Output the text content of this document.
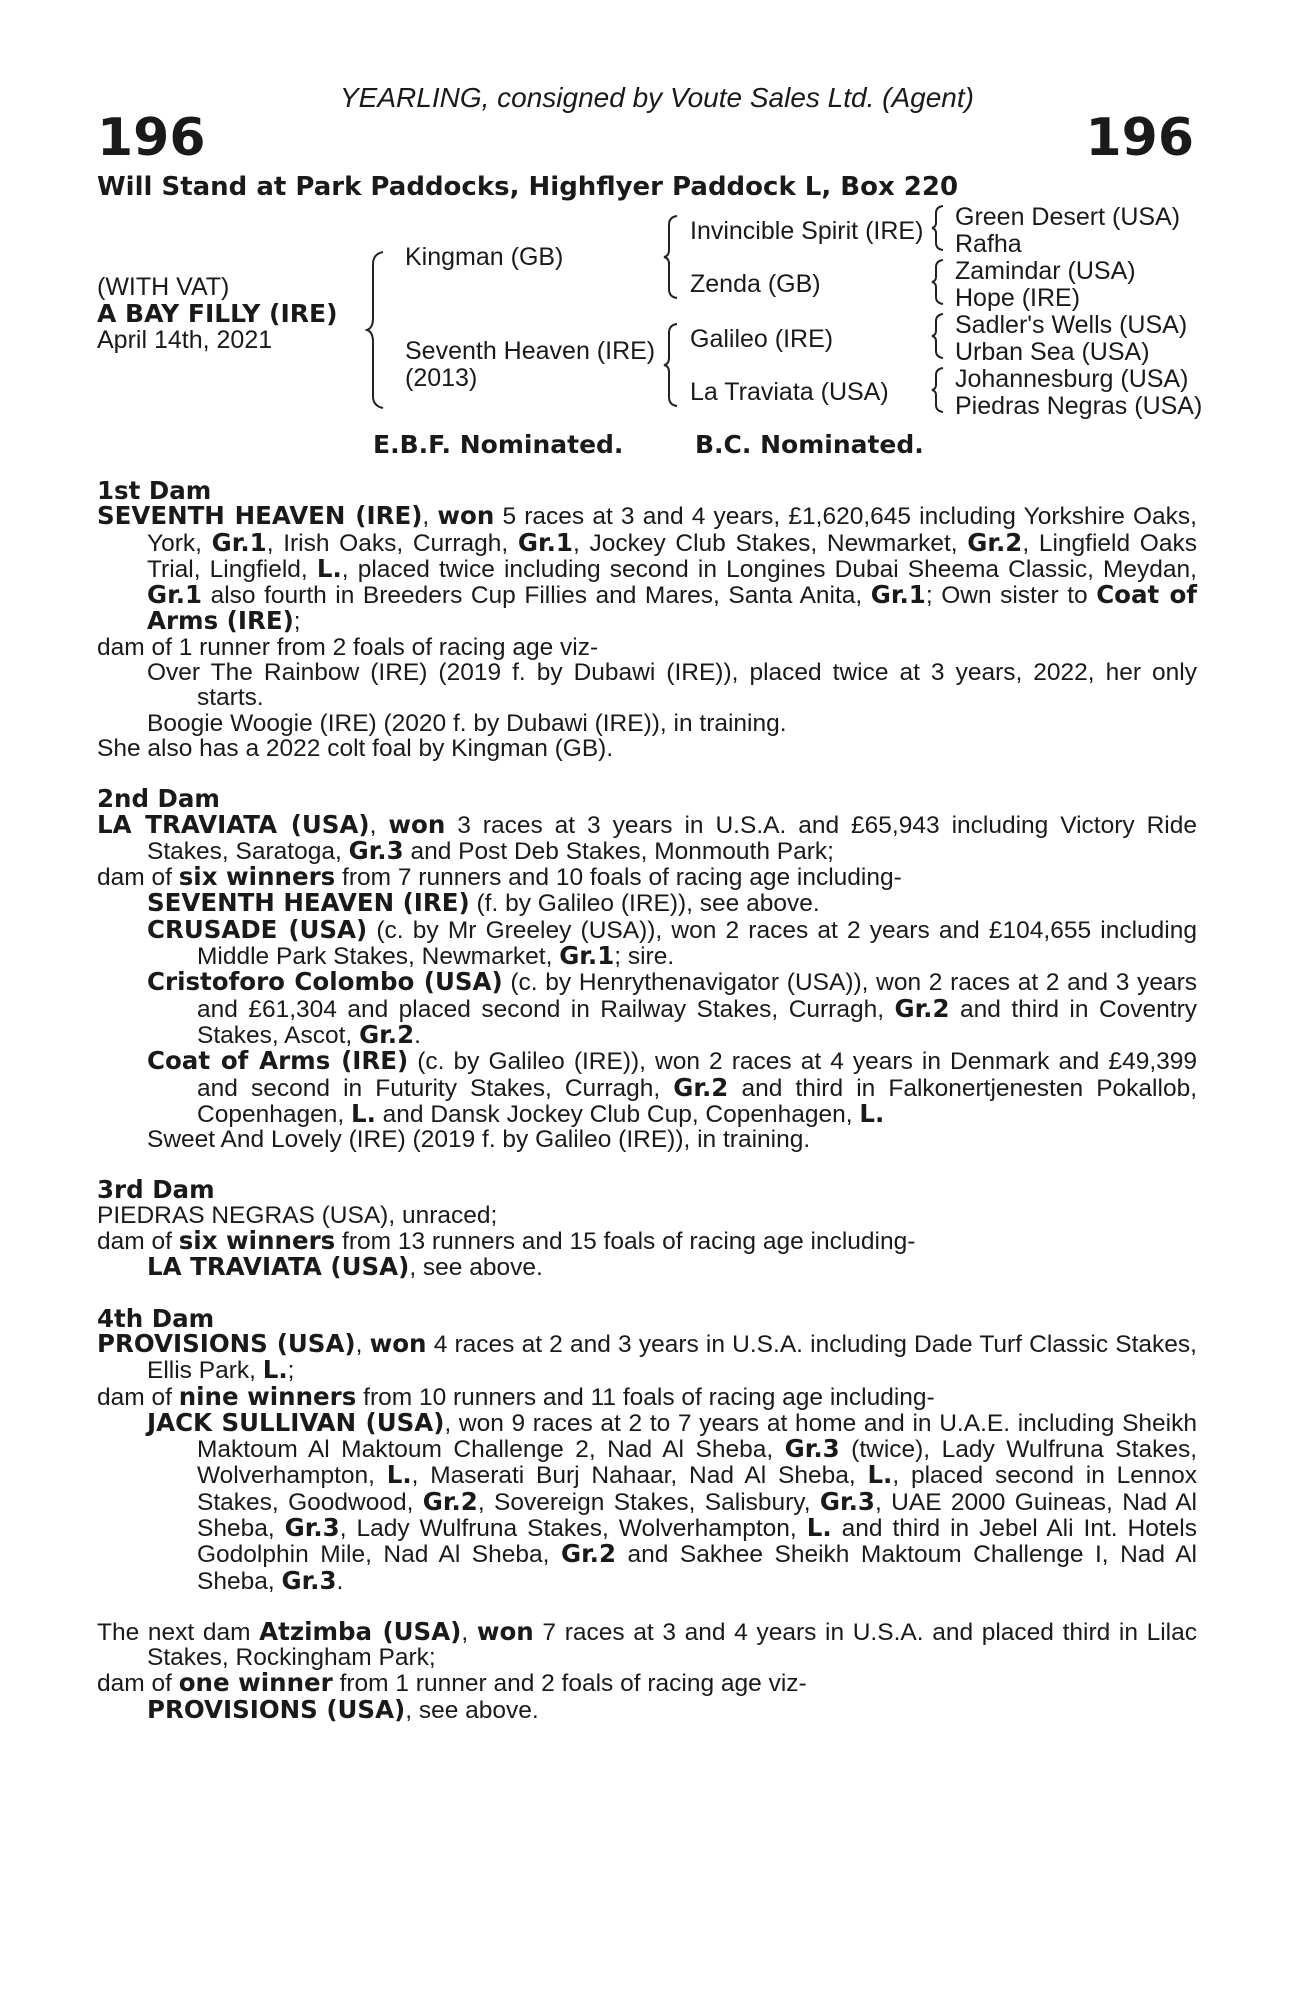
YEARLING, consigned by Voute Sales Ltd. (Agent)
196	196
Will Stand at Park Paddocks, Highflyer Paddock L, Box 220
(WITH VAT)
A BAY FILLY (IRE)
April 14th, 2021
Kingman (GB)
Seventh Heaven (IRE)
(2013)
Invincible Spirit (IRE)
Zenda (GB)
Galileo (IRE)
La Traviata (USA)
Green Desert (USA)
Rafha
Zamindar (USA)
Hope (IRE)
Sadler's Wells (USA)
Urban Sea (USA)
Johannesburg (USA)
Piedras Negras (USA)
E.B.F. Nominated.	B.C. Nominated.

1st Dam

SEVENTH HEAVEN (IRE), won 5 races at 3 and 4 years, £1,620,645 including Yorkshire Oaks, York, Gr.1, Irish Oaks, Curragh, Gr.1, Jockey Club Stakes, Newmarket, Gr.2, Lingfield Oaks Trial, Lingfield, L., placed twice including second in Longines Dubai Sheema Classic, Meydan, Gr.1 also fourth in Breeders Cup Fillies and Mares, Santa Anita, Gr.1; Own sister to Coat of Arms (IRE);

dam of 1 runner from 2 foals of racing age viz-

Over The Rainbow (IRE) (2019 f. by Dubawi (IRE)), placed twice at 3 years, 2022, her only starts.

Boogie Woogie (IRE) (2020 f. by Dubawi (IRE)), in training.

She also has a 2022 colt foal by Kingman (GB).

2nd Dam

LA TRAVIATA (USA), won 3 races at 3 years in U.S.A. and £65,943 including Victory Ride Stakes, Saratoga, Gr.3 and Post Deb Stakes, Monmouth Park;

dam of six winners from 7 runners and 10 foals of racing age including-

SEVENTH HEAVEN (IRE) (f. by Galileo (IRE)), see above.

CRUSADE (USA) (c. by Mr Greeley (USA)), won 2 races at 2 years and £104,655 including Middle Park Stakes, Newmarket, Gr.1; sire.

Cristoforo Colombo (USA) (c. by Henrythenavigator (USA)), won 2 races at 2 and 3 years and £61,304 and placed second in Railway Stakes, Curragh, Gr.2 and third in Coventry Stakes, Ascot, Gr.2.

Coat of Arms (IRE) (c. by Galileo (IRE)), won 2 races at 4 years in Denmark and £49,399 and second in Futurity Stakes, Curragh, Gr.2 and third in Falkonertjenesten Pokallob, Copenhagen, L. and Dansk Jockey Club Cup, Copenhagen, L.

Sweet And Lovely (IRE) (2019 f. by Galileo (IRE)), in training.

3rd Dam

PIEDRAS NEGRAS (USA), unraced;

dam of six winners from 13 runners and 15 foals of racing age including-

LA TRAVIATA (USA), see above.

4th Dam

PROVISIONS (USA), won 4 races at 2 and 3 years in U.S.A. including Dade Turf Classic Stakes, Ellis Park, L.;

dam of nine winners from 10 runners and 11 foals of racing age including-

JACK SULLIVAN (USA), won 9 races at 2 to 7 years at home and in U.A.E. including Sheikh Maktoum Al Maktoum Challenge 2, Nad Al Sheba, Gr.3 (twice), Lady Wulfruna Stakes, Wolverhampton, L., Maserati Burj Nahaar, Nad Al Sheba, L., placed second in Lennox Stakes, Goodwood, Gr.2, Sovereign Stakes, Salisbury, Gr.3, UAE 2000 Guineas, Nad Al Sheba, Gr.3, Lady Wulfruna Stakes, Wolverhampton, L. and third in Jebel Ali Int. Hotels Godolphin Mile, Nad Al Sheba, Gr.2 and Sakhee Sheikh Maktoum Challenge I, Nad Al Sheba, Gr.3.

The next dam Atzimba (USA), won 7 races at 3 and 4 years in U.S.A. and placed third in Lilac Stakes, Rockingham Park;

dam of one winner from 1 runner and 2 foals of racing age viz-

PROVISIONS (USA), see above.
